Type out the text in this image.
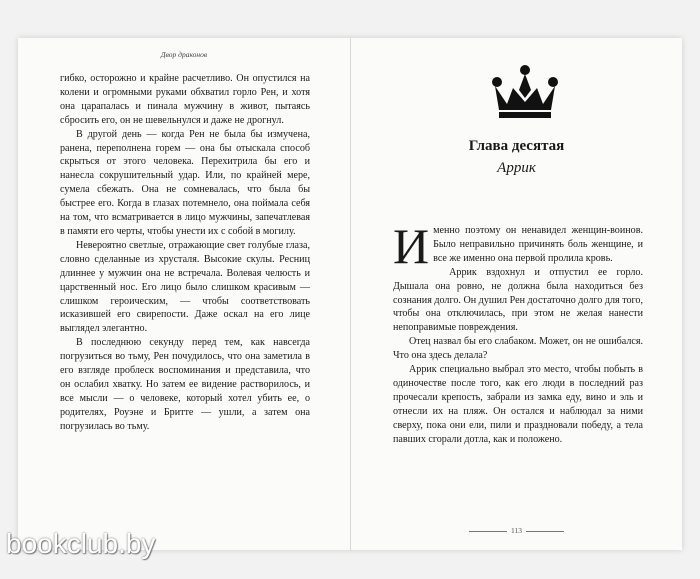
Двор драконов

гибко, осторожно и крайне расчетливо. Он опустился на колени и огромными руками обхватил горло Рен, и хотя она царапалась и пинала мужчину в живот, пытаясь сбросить его, он не шевельнулся и даже не дрогнул.

В другой день — когда Рен не была бы измучена, ранена, переполнена горем — она бы отыскала способ скрыться от этого человека. Перехитрила бы его и нанесла сокрушительный удар. Или, по крайней мере, сумела сбежать. Она не сомневалась, что была бы быстрее его. Когда в глазах потемнело, она поймала себя на том, что всматривается в лицо мужчины, запечатлевая в памяти его черты, чтобы унести их с собой в могилу.

Невероятно светлые, отражающие свет голубые глаза, словно сделанные из хрусталя. Высокие скулы. Ресниц длиннее у мужчин она не встречала. Волевая челюсть и царственный нос. Его лицо было слишком красивым — слишком героическим, — чтобы соответствовать исказившей его свирепости. Даже оскал на его лице выглядел элегантно.

В последнюю секунду перед тем, как навсегда погрузиться во тьму, Рен почудилось, что она заметила в его взгляде проблеск воспоминания и представила, что он ослабил хватку. Но затем ее видение растворилось, и все мысли — о человеке, который хотел убить ее, о родителях, Роуэне и Бритте — ушли, а затем она погрузилась во тьму.

Глава десятая
Аррик

Именно поэтому он ненавидел женщин-воинов. Было неправильно причинять боль женщине, и все же именно она первой пролила кровь.

Аррик вздохнул и отпустил ее горло. Дышала она ровно, не должна была находиться без сознания долго. Он душил Рен достаточно долго для того, чтобы она отключилась, при этом не желая нанести непоправимые повреждения.

Отец назвал бы его слабаком. Может, он не ошибался. Что она здесь делала?

Аррик специально выбрал это место, чтобы побыть в одиночестве после того, как его люди в последний раз прочесали крепость, забрали из замка еду, вино и эль и отнесли их на пляж. Он остался и наблюдал за ними сверху, пока они ели, пили и праздновали победу, а тела павших сгорали дотла, как и положено.

113
bookclub.by
